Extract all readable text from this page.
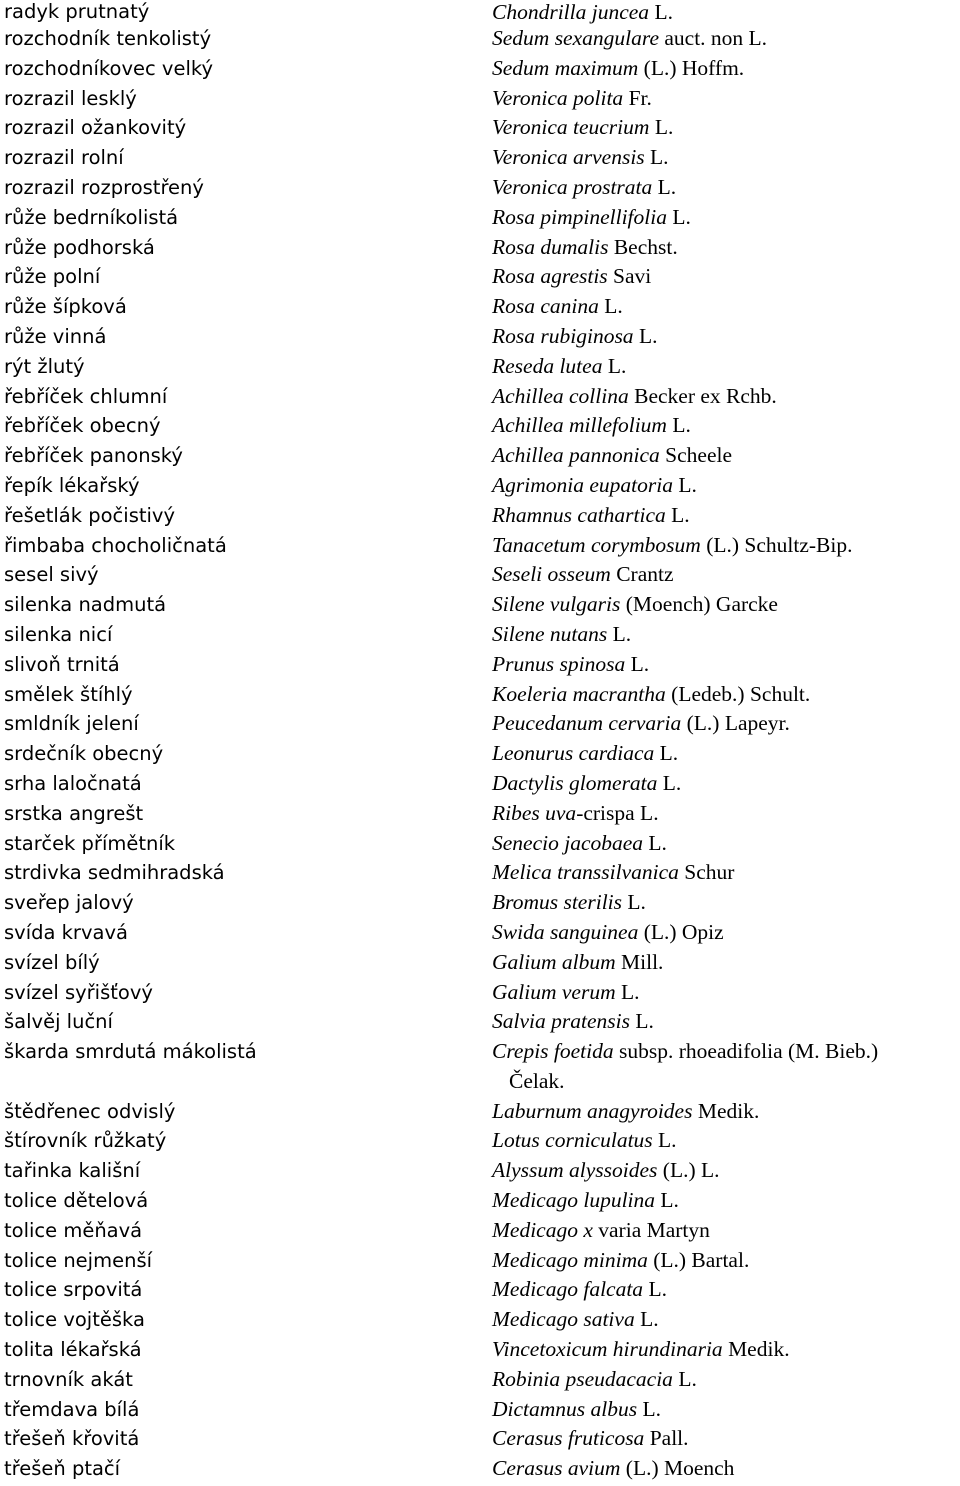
radyk prutnatý	Chondrilla juncea L.
rozchodník tenkolistý	Sedum sexangulare auct. non L.
rozchodníkovec velký	Sedum maximum (L.) Hoffm.
rozrazil lesklý	Veronica polita Fr.
rozrazil ožankovitý	Veronica teucrium L.
rozrazil rolní	Veronica arvensis L.
rozrazil rozprostřený	Veronica prostrata L.
růže bedrníkolistá	Rosa pimpinellifolia L.
růže podhorská	Rosa dumalis Bechst.
růže polní	Rosa agrestis Savi
růže šípková	Rosa canina L.
růže vinná	Rosa rubiginosa L.
rýt žlutý	Reseda lutea L.
řebříček chlumní	Achillea collina Becker ex Rchb.
řebříček obecný	Achillea millefolium L.
řebříček panonský	Achillea pannonica Scheele
řepík lékařský	Agrimonia eupatoria L.
řešetlák počistivý	Rhamnus cathartica L.
řimbaba chocholičnatá	Tanacetum corymbosum (L.) Schultz-Bip.
sesel sivý	Seseli osseum Crantz
silenka nadmutá	Silene vulgaris (Moench) Garcke
silenka nicí	Silene nutans L.
slivoň trnitá	Prunus spinosa L.
smělek štíhlý	Koeleria macrantha (Ledeb.) Schult.
smldník jelení	Peucedanum cervaria (L.) Lapeyr.
srdečník obecný	Leonurus cardiaca L.
srha laločnatá	Dactylis glomerata L.
srstka angrešt	Ribes uva-crispa L.
starček přímětník	Senecio jacobaea L.
strdivka sedmihradská	Melica transsilvanica Schur
sveřep jalový	Bromus sterilis L.
svída krvavá	Swida sanguinea (L.) Opiz
svízel bílý	Galium album Mill.
svízel syřišťový	Galium verum L.
šalvěj luční	Salvia pratensis L.
škarda smrdutá mákolistá	Crepis foetida subsp. rhoeadifolia (M. Bieb.)
Čelak.
štědřenec odvislý	Laburnum anagyroides Medik.
štírovník růžkatý	Lotus corniculatus L.
tařinka kališní	Alyssum alyssoides (L.) L.
tolice dětelová	Medicago lupulina L.
tolice měňavá	Medicago x varia Martyn
tolice nejmenší	Medicago minima (L.) Bartal.
tolice srpovitá	Medicago falcata L.
tolice vojtěška	Medicago sativa L.
tolita lékařská	Vincetoxicum hirundinaria Medik.
trnovník akát	Robinia pseudacacia L.
třemdava bílá	Dictamnus albus L.
třešeň křovitá	Cerasus fruticosa Pall.
třešeň ptačí	Cerasus avium (L.) Moench
